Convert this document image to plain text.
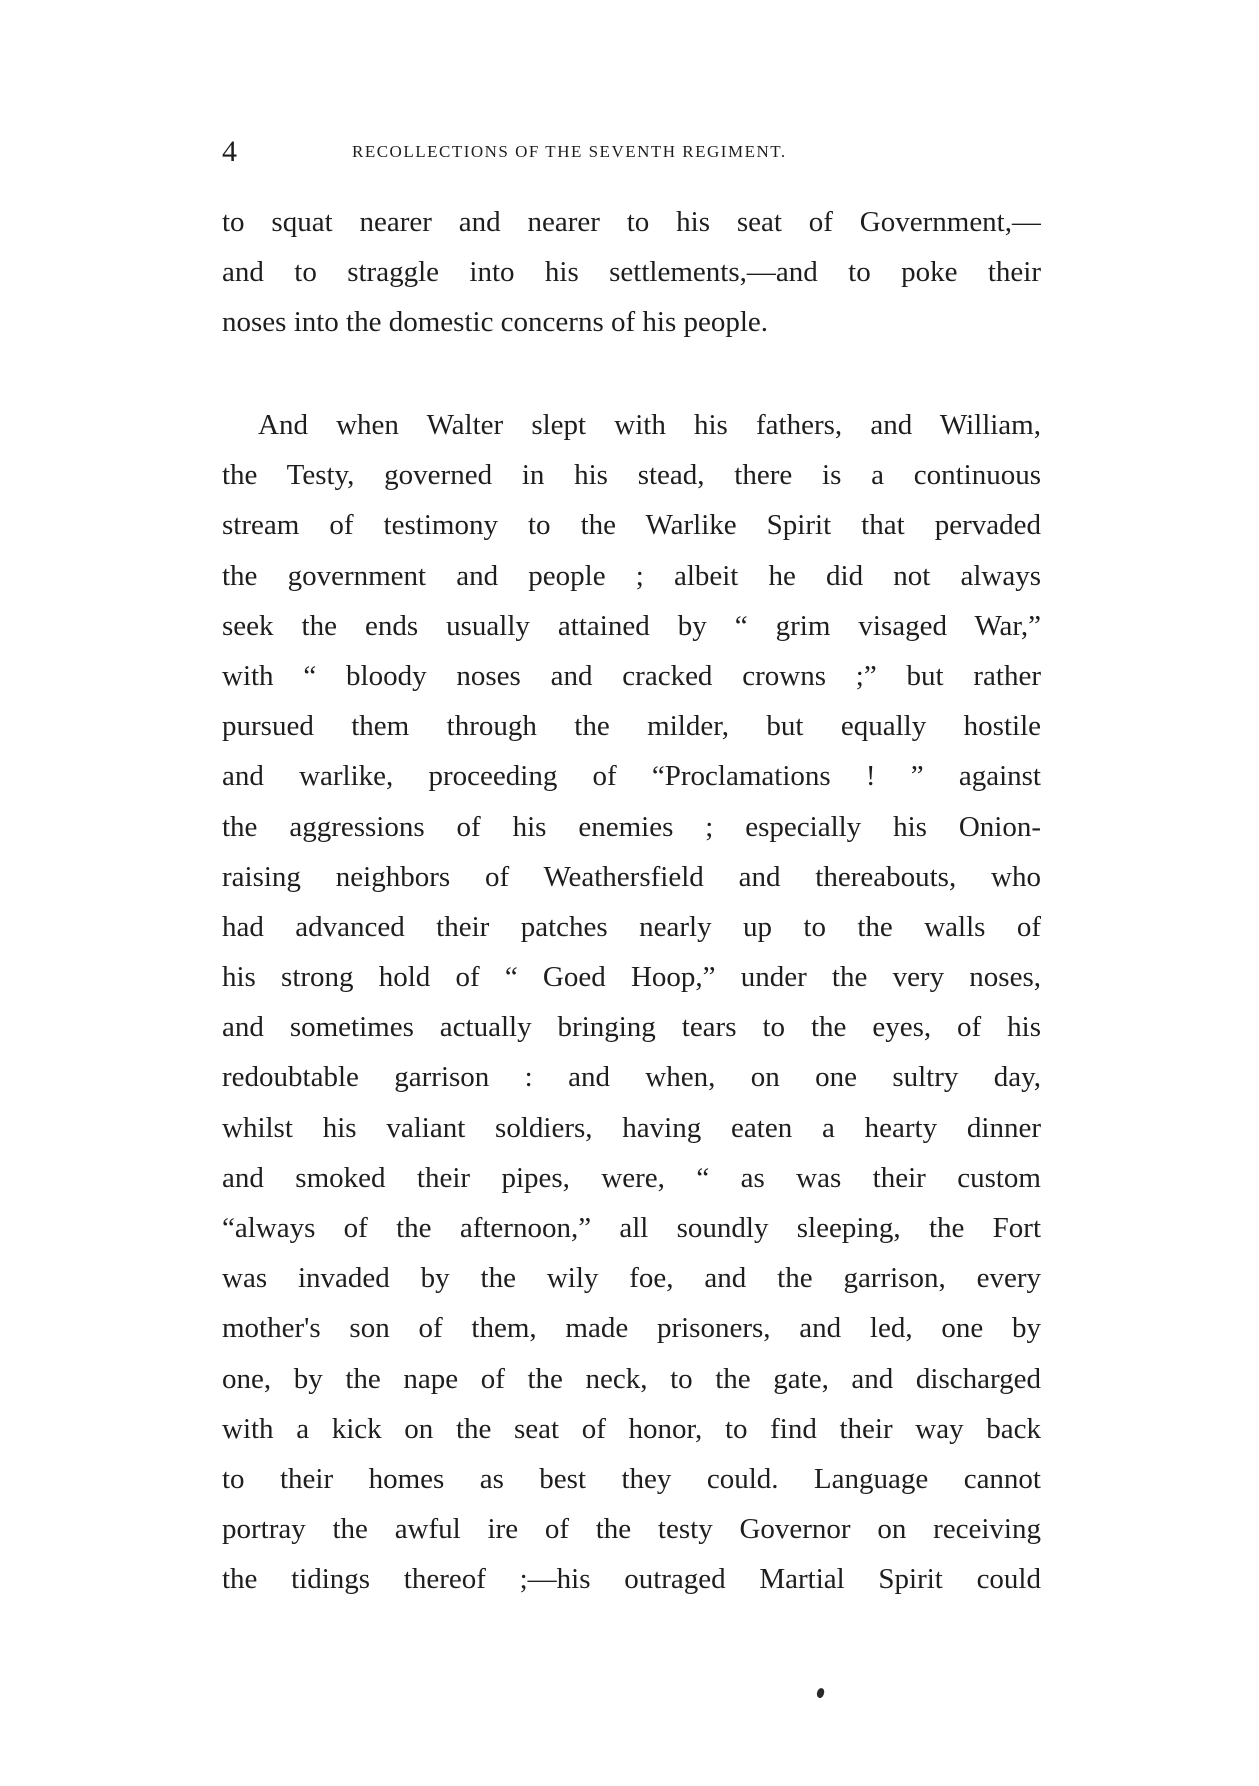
4	RECOLLECTIONS OF THE SEVENTH REGIMENT.
to squat nearer and nearer to his seat of Government,—
and to straggle into his settlements,—and to poke their
noses into the domestic concerns of his people.
And when Walter slept with his fathers, and William,
the Testy, governed in his stead, there is a continuous
stream of testimony to the Warlike Spirit that pervaded
the government and people ; albeit he did not always
seek the ends usually attained by “ grim visaged War,”
with “ bloody noses and cracked crowns ;” but rather
pursued them through the milder, but equally hostile
and warlike, proceeding of “Proclamations ! ” against
the aggressions of his enemies ; especially his Onion-
raising neighbors of Weathersfield and thereabouts, who
had advanced their patches nearly up to the walls of
his strong hold of “ Goed Hoop,” under the very noses,
and sometimes actually bringing tears to the eyes, of his
redoubtable garrison : and when, on one sultry day,
whilst his valiant soldiers, having eaten a hearty dinner
and smoked their pipes, were, “ as was their custom
“always of the afternoon,” all soundly sleeping, the Fort
was invaded by the wily foe, and the garrison, every
mother's son of them, made prisoners, and led, one by
one, by the nape of the neck, to the gate, and discharged
with a kick on the seat of honor, to find their way back
to their homes as best they could. Language cannot
portray the awful ire of the testy Governor on receiving
the tidings thereof ;—his outraged Martial Spirit could
